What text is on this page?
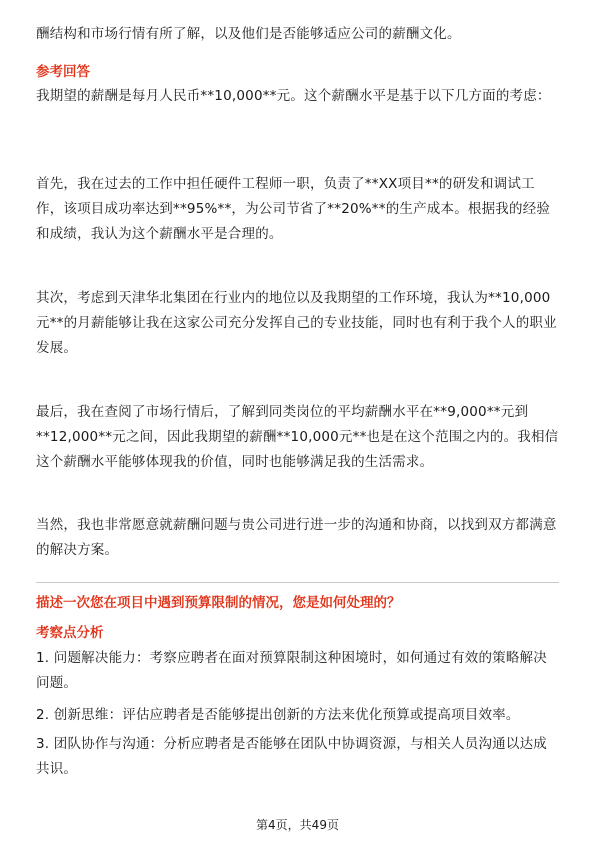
酬结构和市场行情有所了解，以及他们是否能够适应公司的薪酬文化。

参考回答

我期望的薪酬是每月人民币**10,000**元。这个薪酬水平是基于以下几方面的考虑：

首先，我在过去的工作中担任硬件工程师一职，负责了**XX项目**的研发和调试工作，该项目成功率达到**95%**，为公司节省了**20%**的生产成本。根据我的经验和成绩，我认为这个薪酬水平是合理的。

其次，考虑到天津华北集团在行业内的地位以及我期望的工作环境，我认为**10,000元**的月薪能够让我在这家公司充分发挥自己的专业技能，同时也有利于我个人的职业发展。

最后，我在查阅了市场行情后，了解到同类岗位的平均薪酬水平在**9,000**元到**12,000**元之间，因此我期望的薪酬**10,000元**也是在这个范围之内的。我相信这个薪酬水平能够体现我的价值，同时也能够满足我的生活需求。

当然，我也非常愿意就薪酬问题与贵公司进行进一步的沟通和协商，以找到双方都满意的解决方案。

描述一次您在项目中遇到预算限制的情况，您是如何处理的？

考察点分析

1. 问题解决能力：考察应聘者在面对预算限制这种困境时，如何通过有效的策略解决问题。

2. 创新思维：评估应聘者是否能够提出创新的方法来优化预算或提高项目效率。

3. 团队协作与沟通：分析应聘者是否能够在团队中协调资源，与相关人员沟通以达成共识。

第4页，共49页
